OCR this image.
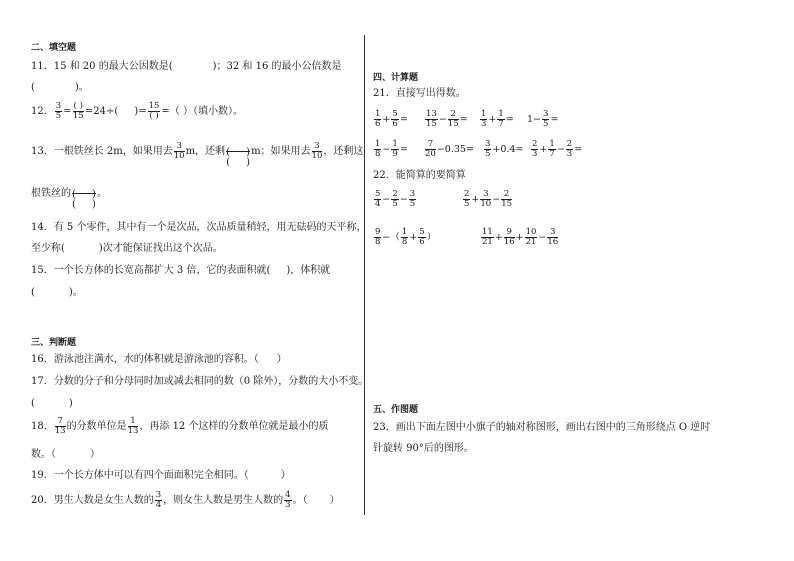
二、填空题
11．15 和 20 的最大公因数是(	)；32 和 16 的最小公倍数是
(	)。
12． $\frac{3}{5} = \frac{( )}{15} =24\div$( )= $\frac{15}{( )}$ =（ ）（填小数）。
13．一根铁丝长 2m，如果用去 $\frac{3}{10}$ m，还剩 ( )
( )
m；如果用去 $\frac{3}{10}$ ，还剩这
根铁丝的 ( )
( )
。
14．有 5 个零件，其中有一个是次品，次品质量稍轻，用无砝码的天平称，
至少称(	)次才能保证找出这个次品。
15．一个长方体的长宽高都扩大 3 倍，它的表面积就( )，体积就
(	)。
三、判断题
16．游泳池注满水，水的体积就是游泳池的容积。（ ）
17．分数的分子和分母同时加或减去相同的数（0 除外），分数的大小不变。
(	)
18． $\frac{7}{13}$ 的分数单位是 $\frac{1}{13}$ ，再添 12 个这样的分数单位就是最小的质
数。（	）
19．一个长方体中可以有四个面面积完全相同。（	）
20．男生人数是女生人数的 $\frac{3}{4}$ ，则女生人数是男生人数的 $\frac{4}{3}$ 。（ ）
四、计算题
21．直接写出得数。
$\frac{1}{6} + \frac{5}{6} = \frac{13}{15} - \frac{2}{15} = \frac{1}{3} + \frac{1}{7} = 1- \frac{3}{5}$ =
$\frac{1}{8} - \frac{1}{9} = \frac{7}{20} -0.35= \frac{3}{5} +0.4= \frac{2}{3} + \frac{1}{7} - \frac{2}{3}$ =
22．能简算的要简算
$\frac{5}{4} - \frac{2}{5} - \frac{3}{5}$	$\frac{2}{5} + \frac{3}{10} - \frac{2}{15}$
$\frac{9}{8}$ −（ $\frac{1}{8} + \frac{5}{6}$ ）	$\frac{11}{21} + \frac{9}{16} + \frac{10}{21} - \frac{3}{16}$
五、作图题
23．画出下面左图中小旗子的轴对称图形，画出右图中的三角形绕点 O 逆时
针旋转 90°后的图形。
